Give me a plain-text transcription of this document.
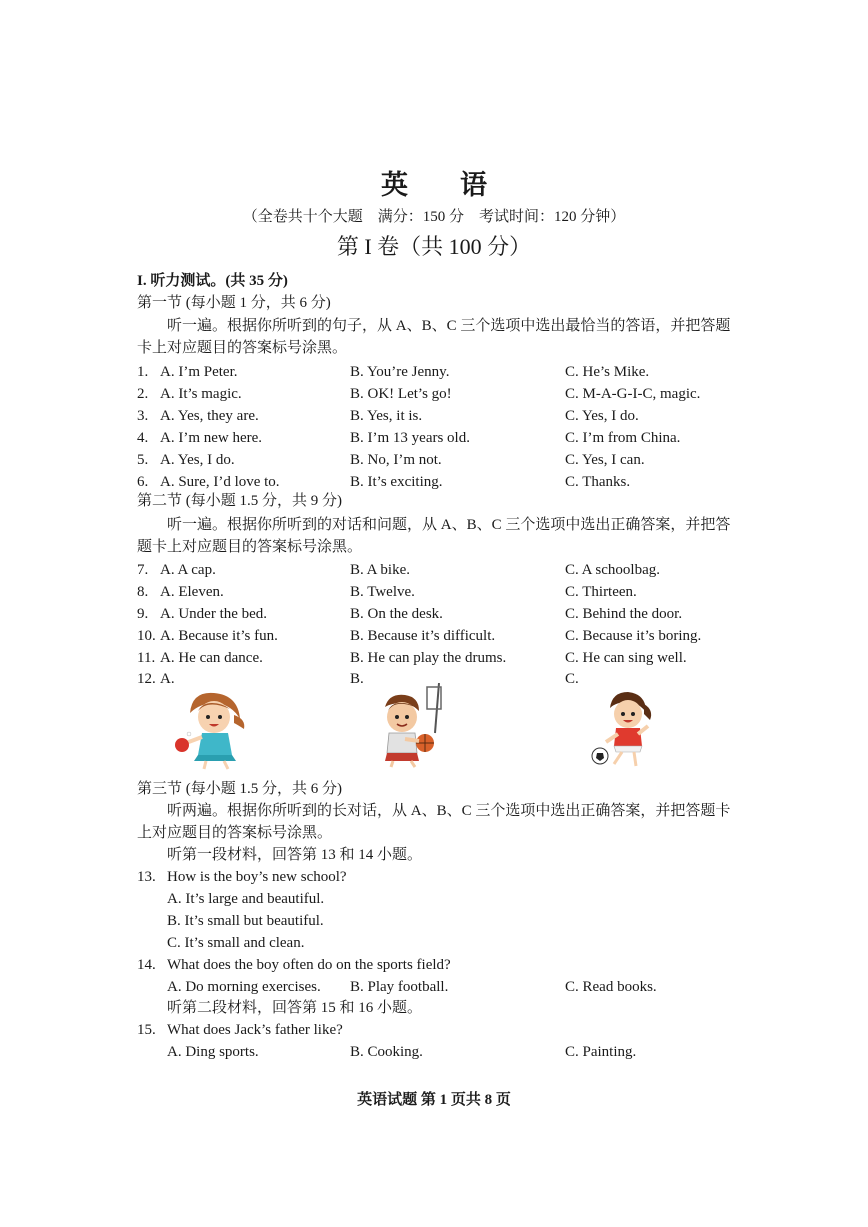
英 语
（全卷共十个大题　满分：150 分　考试时间：120 分钟）
第 I 卷（共 100 分）
I. 听力测试。(共 35 分)
第一节 (每小题 1 分，共 6 分)
听一遍。根据你所听到的句子，从 A、B、C 三个选项中选出最恰当的答语，并把答题卡上对应题目的答案标号涂黑。
1. A. I’m Peter.	B. You’re Jenny.	C. He’s Mike.
2. A. It’s magic.	B. OK! Let’s go!	C. M-A-G-I-C, magic.
3. A. Yes, they are.	B. Yes, it is.	C. Yes, I do.
4. A. I’m new here.	B. I’m 13 years old.	C. I’m from China.
5. A. Yes, I do.	B. No, I’m not.	C. Yes, I can.
6. A. Sure, I’d love to.	B. It’s exciting.	C. Thanks.
第二节 (每小题 1.5 分，共 9 分)
听一遍。根据你所听到的对话和问题，从 A、B、C 三个选项中选出正确答案，并把答题卡上对应题目的答案标号涂黑。
7. A. A cap.	B. A bike.	C. A schoolbag.
8. A. Eleven.	B. Twelve.	C. Thirteen.
9. A. Under the bed.	B. On the desk.	C. Behind the door.
10. A. Because it’s fun.	B. Because it’s difficult.	C. Because it’s boring.
11. A. He can dance.	B. He can play the drums.	C. He can sing well.
12. A.	B.	C.
第三节 (每小题 1.5 分，共 6 分)
听两遍。根据你所听到的长对话，从 A、B、C 三个选项中选出正确答案，并把答题卡上对应题目的答案标号涂黑。
听第一段材料，回答第 13 和 14 小题。
13. How is the boy’s new school?
A. It’s large and beautiful.
B. It’s small but beautiful.
C. It’s small and clean.
14. What does the boy often do on the sports field?
A. Do morning exercises. B. Play football.	C. Read books.
听第二段材料，回答第 15 和 16 小题。
15. What does Jack’s father like?
A. Ding sports.	B. Cooking.	C. Painting.
英语试题 第 1 页共 8 页
